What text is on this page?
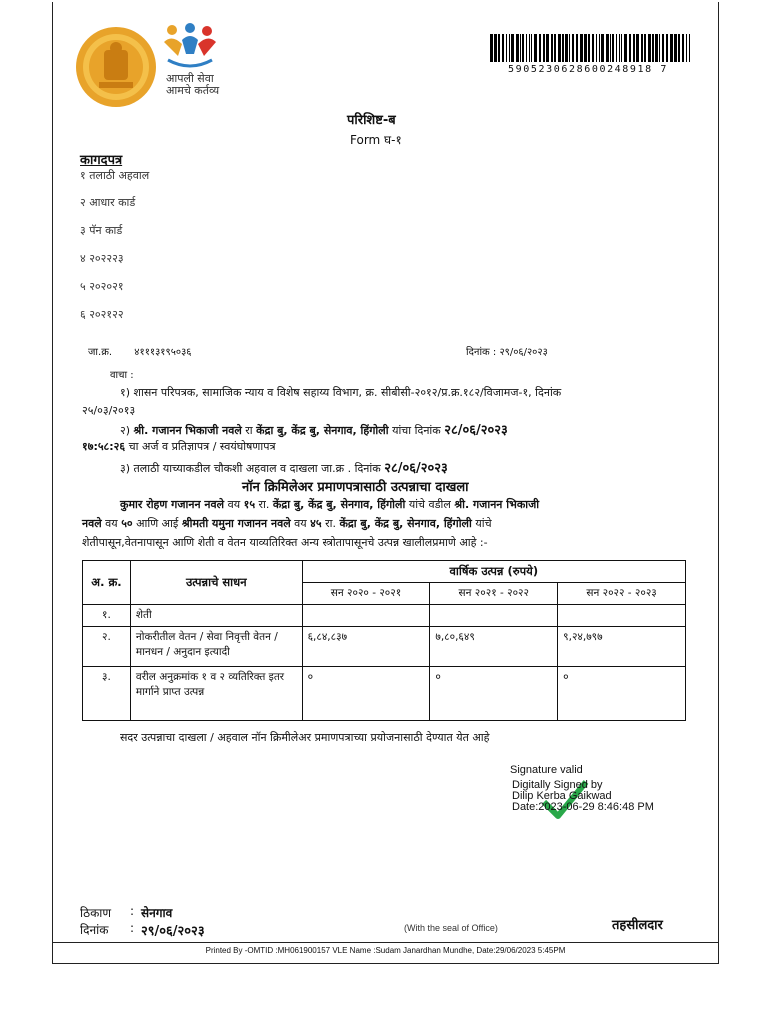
आपली सेवा
आमचे कर्तव्य
5905230628600248918 7
परिशिष्ट-ब
Form घ-१
कागदपत्र
१ तलाठी अहवाल
२ आधार कार्ड
३ पॅन कार्ड
४ २०२२२३
५ २०२०२१
६ २०२१२२
जा.क्र.       ४१११३१९५०३६	दिनांक : २९/०६/२०२३
वाचा :
१) शासन परिपत्रक, सामाजिक न्याय व विशेष सहाय्य विभाग, क्र. सीबीसी-२०१२/प्र.क्र.१८२/विजामज-१, दिनांक
२५/०३/२०१३
२) श्री. गजानन भिकाजी नवले रा केंद्रा बु, केंद्र बु, सेनगाव, हिंगोली यांचा दिनांक २८/०६/२०२३
१७:५८:२६ चा अर्ज व प्रतिज्ञापत्र / स्वयंघोषणापत्र
३) तलाठी याच्याकडील चौकशी अहवाल व दाखला जा.क्र . दिनांक २८/०६/२०२३
नॉन क्रिमिलेअर प्रमाणपत्रासाठी उत्पन्नाचा दाखला
कुमार रोहण गजानन नवले वय १५ रा. केंद्रा बु, केंद्र बु, सेनगाव, हिंगोली यांचे वडील श्री. गजानन भिकाजी
नवले वय ५० आणि आई श्रीमती यमुना गजानन नवले वय ४५ रा. केंद्रा बु, केंद्र बु, सेनगाव, हिंगोली यांचे
शेतीपासून,वेतनापासून आणि शेती व वेतन याव्यतिरिक्त अन्य स्त्रोतापासूनचे उत्पन्न खालीलप्रमाणे आहे :-
अ. क्र.	उत्पन्नाचे साधन	वार्षिक उत्पन्न (रुपये)		
		सन २०२० - २०२१	सन २०२१ - २०२२	सन २०२२ - २०२३
१.	शेती			
२.	नोकरीतील वेतन / सेवा निवृत्ती वेतन / मानधन / अनुदान इत्यादी	६,८४,८३७	७,८०,६४९	९,२४,७९७
३.	वरील अनुक्रमांक १ व २ व्यतिरिक्त इतर मार्गाने प्राप्त उत्पन्न	०	०	०
सदर उत्पन्नाचा दाखला / अहवाल नॉन क्रिमीलेअर प्रमाणपत्राच्या प्रयोजनासाठी देण्यात येत आहे
Signature valid
Digitally Signed by
Dilip Kerba Gaikwad
Date:2023-06-29 8:46:48 PM
ठिकाण : सेनगाव
दिनांक : २९/०६/२०२३	(With the seal of Office)	तहसीलदार
Printed By -OMTID :MH061900157 VLE Name :Sudam Janardhan Mundhe, Date:29/06/2023 5:45PM
